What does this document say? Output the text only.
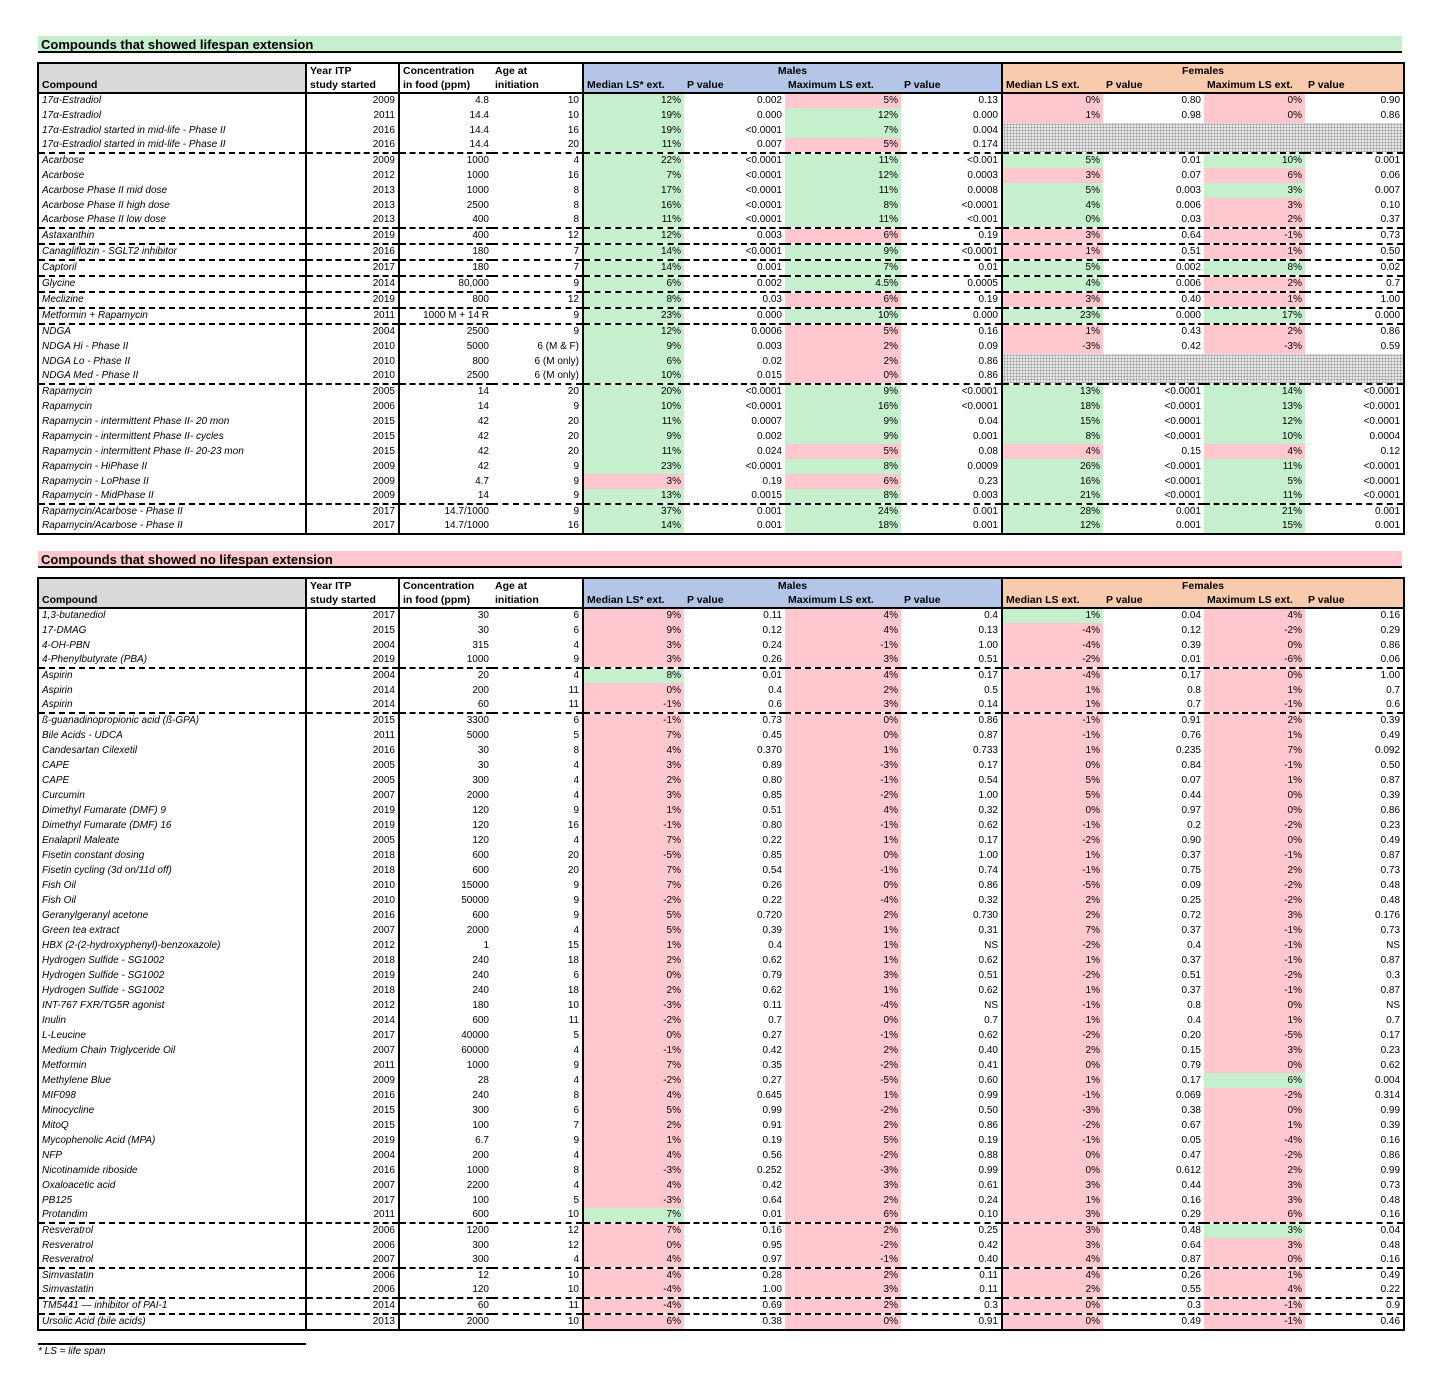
Compounds that showed lifespan extension
	Year ITP	Concentration	Age at	Males				Females			
Compound	study started	in food (ppm)	initiation	Median LS* ext.	P value	Maximum LS ext.	P value	Median LS ext.	P value	Maximum LS ext.	P value
17α-Estradiol	2009	4.8	10	12%	0.002	5%	0.13	0%	0.80	0%	0.90
17α-Estradiol	2011	14.4	10	19%	0.000	12%	0.000	1%	0.98	0%	0.86
17α-Estradiol started in mid-life - Phase II	2016	14.4	16	19%	<0.0001	7%	0.004				
17α-Estradiol started in mid-life - Phase II	2016	14.4	20	11%	0.007	5%	0.174				
Acarbose	2009	1000	4	22%	<0.0001	11%	<0.001	5%	0.01	10%	0.001
Acarbose	2012	1000	16	7%	<0.0001	12%	0.0003	3%	0.07	6%	0.06
Acarbose Phase II mid dose	2013	1000	8	17%	<0.0001	11%	0.0008	5%	0.003	3%	0.007
Acarbose Phase II high dose	2013	2500	8	16%	<0.0001	8%	<0.0001	4%	0.006	3%	0.10
Acarbose Phase II low dose	2013	400	8	11%	<0.0001	11%	<0.001	0%	0.03	2%	0.37
Astaxanthin	2019	400	12	12%	0.003	6%	0.19	3%	0.64	-1%	0.73
Canagliflozin - SGLT2 inhibitor	2016	180	7	14%	<0.0001	9%	<0.0001	1%	0.51	1%	0.50
Captoril	2017	180	7	14%	0.001	7%	0.01	5%	0.002	8%	0.02
Glycine	2014	80,000	9	6%	0.002	4.5%	0.0005	4%	0.006	2%	0.7
Meclizine	2019	800	12	8%	0.03	6%	0.19	3%	0.40	1%	1.00
Metformin + Rapamycin	2011	1000 M + 14 R	9	23%	0.000	10%	0.000	23%	0.000	17%	0.000
NDGA	2004	2500	9	12%	0.0006	5%	0.16	1%	0.43	2%	0.86
NDGA Hi - Phase II	2010	5000	6 (M & F)	9%	0.003	2%	0.09	-3%	0.42	-3%	0.59
NDGA Lo - Phase II	2010	800	6 (M only)	6%	0.02	2%	0.86				
NDGA Med - Phase II	2010	2500	6 (M only)	10%	0.015	0%	0.86				
Rapamycin	2005	14	20	20%	<0.0001	9%	<0.0001	13%	<0.0001	14%	<0.0001
Rapamycin	2006	14	9	10%	<0.0001	16%	<0.0001	18%	<0.0001	13%	<0.0001
Rapamycin - intermittent Phase II- 20 mon	2015	42	20	11%	0.0007	9%	0.04	15%	<0.0001	12%	<0.0001
Rapamycin - intermittent Phase II- cycles	2015	42	20	9%	0.002	9%	0.001	8%	<0.0001	10%	0.0004
Rapamycin - intermittent Phase II- 20-23 mon	2015	42	20	11%	0.024	5%	0.08	4%	0.15	4%	0.12
Rapamycin - HiPhase II	2009	42	9	23%	<0.0001	8%	0.0009	26%	<0.0001	11%	<0.0001
Rapamycin - LoPhase II	2009	4.7	9	3%	0.19	6%	0.23	16%	<0.0001	5%	<0.0001
Rapamycin - MidPhase II	2009	14	9	13%	0.0015	8%	0.003	21%	<0.0001	11%	<0.0001
Rapamycin/Acarbose - Phase II	2017	14.7/1000	9	37%	0.001	24%	0.001	28%	0.001	21%	0.001
Rapamycin/Acarbose - Phase II	2017	14.7/1000	16	14%	0.001	18%	0.001	12%	0.001	15%	0.001
Compounds that showed no lifespan extension
	Year ITP	Concentration	Age at	Males				Females			
Compound	study started	in food (ppm)	initiation	Median LS* ext.	P value	Maximum LS ext.	P value	Median LS ext.	P value	Maximum LS ext.	P value
1,3-butanediol	2017	30	6	9%	0.11	4%	0.4	1%	0.04	4%	0.16
17-DMAG	2015	30	6	9%	0.12	4%	0.13	-4%	0.12	-2%	0.29
4-OH-PBN	2004	315	4	3%	0.24	-1%	1.00	-4%	0.39	0%	0.86
4-Phenylbutyrate (PBA)	2019	1000	9	3%	0.26	3%	0.51	-2%	0.01	-6%	0.06
Aspirin	2004	20	4	8%	0.01	4%	0.17	-4%	0.17	0%	1.00
Aspirin	2014	200	11	0%	0.4	2%	0.5	1%	0.8	1%	0.7
Aspirin	2014	60	11	-1%	0.6	3%	0.14	1%	0.7	-1%	0.6
ß-guanadinopropionic acid (ß-GPA)	2015	3300	6	-1%	0.73	0%	0.86	-1%	0.91	2%	0.39
Bile Acids - UDCA	2011	5000	5	7%	0.45	0%	0.87	-1%	0.76	1%	0.49
Candesartan Cilexetil	2016	30	8	4%	0.370	1%	0.733	1%	0.235	7%	0.092
CAPE	2005	30	4	3%	0.89	-3%	0.17	0%	0.84	-1%	0.50
CAPE	2005	300	4	2%	0.80	-1%	0.54	5%	0.07	1%	0.87
Curcumin	2007	2000	4	3%	0.85	-2%	1.00	5%	0.44	0%	0.39
Dimethyl Fumarate (DMF) 9	2019	120	9	1%	0.51	4%	0.32	0%	0.97	0%	0.86
Dimethyl Fumarate (DMF) 16	2019	120	16	-1%	0.80	-1%	0.62	-1%	0.2	-2%	0.23
Enalapril Maleate	2005	120	4	7%	0.22	1%	0.17	-2%	0.90	0%	0.49
Fisetin constant dosing	2018	600	20	-5%	0.85	0%	1.00	1%	0.37	-1%	0.87
Fisetin cycling (3d on/11d off)	2018	600	20	7%	0.54	-1%	0.74	-1%	0.75	2%	0.73
Fish Oil	2010	15000	9	7%	0.26	0%	0.86	-5%	0.09	-2%	0.48
Fish Oil	2010	50000	9	-2%	0.22	-4%	0.32	2%	0.25	-2%	0.48
Geranylgeranyl acetone	2016	600	9	5%	0.720	2%	0.730	2%	0.72	3%	0.176
Green tea extract	2007	2000	4	5%	0.39	1%	0.31	7%	0.37	-1%	0.73
HBX (2-(2-hydroxyphenyl)-benzoxazole)	2012	1	15	1%	0.4	1%	NS	-2%	0.4	-1%	NS
Hydrogen Sulfide - SG1002	2018	240	18	2%	0.62	1%	0.62	1%	0.37	-1%	0.87
Hydrogen Sulfide - SG1002	2019	240	6	0%	0.79	3%	0.51	-2%	0.51	-2%	0.3
Hydrogen Sulfide - SG1002	2018	240	18	2%	0.62	1%	0.62	1%	0.37	-1%	0.87
INT-767 FXR/TG5R agonist	2012	180	10	-3%	0.11	-4%	NS	-1%	0.8	0%	NS
Inulin	2014	600	11	-2%	0.7	0%	0.7	1%	0.4	1%	0.7
L-Leucine	2017	40000	5	0%	0.27	-1%	0.62	-2%	0.20	-5%	0.17
Medium Chain Triglyceride Oil	2007	60000	4	-1%	0.42	2%	0.40	2%	0.15	3%	0.23
Metformin	2011	1000	9	7%	0.35	-2%	0.41	0%	0.79	0%	0.62
Methylene Blue	2009	28	4	-2%	0.27	-5%	0.60	1%	0.17	6%	0.004
MIF098	2016	240	8	4%	0.645	1%	0.99	-1%	0.069	-2%	0.314
Minocycline	2015	300	6	5%	0.99	-2%	0.50	-3%	0.38	0%	0.99
MitoQ	2015	100	7	2%	0.91	2%	0.86	-2%	0.67	1%	0.39
Mycophenolic Acid (MPA)	2019	6.7	9	1%	0.19	5%	0.19	-1%	0.05	-4%	0.16
NFP	2004	200	4	4%	0.56	-2%	0.88	0%	0.47	-2%	0.86
Nicotinamide riboside	2016	1000	8	-3%	0.252	-3%	0.99	0%	0.612	2%	0.99
Oxaloacetic acid	2007	2200	4	4%	0.42	3%	0.61	3%	0.44	3%	0.73
PB125	2017	100	5	-3%	0.64	2%	0.24	1%	0.16	3%	0.48
Protandim	2011	600	10	7%	0.01	6%	0.10	3%	0.29	6%	0.16
Resveratrol	2006	1200	12	7%	0.16	2%	0.25	3%	0.48	3%	0.04
Resveratrol	2006	300	12	0%	0.95	-2%	0.42	3%	0.64	3%	0.48
Resveratrol	2007	300	4	4%	0.97	-1%	0.40	4%	0.87	0%	0.16
Simvastatin	2006	12	10	4%	0.28	2%	0.11	4%	0.26	1%	0.49
Simvastatin	2006	120	10	-4%	1.00	3%	0.11	2%	0.55	4%	0.22
TM5441 — inhibitor of PAI-1	2014	60	11	-4%	0.69	2%	0.3	0%	0.3	-1%	0.9
Ursolic Acid (bile acids)	2013	2000	10	6%	0.38	0%	0.91	0%	0.49	-1%	0.46
* LS = life span
